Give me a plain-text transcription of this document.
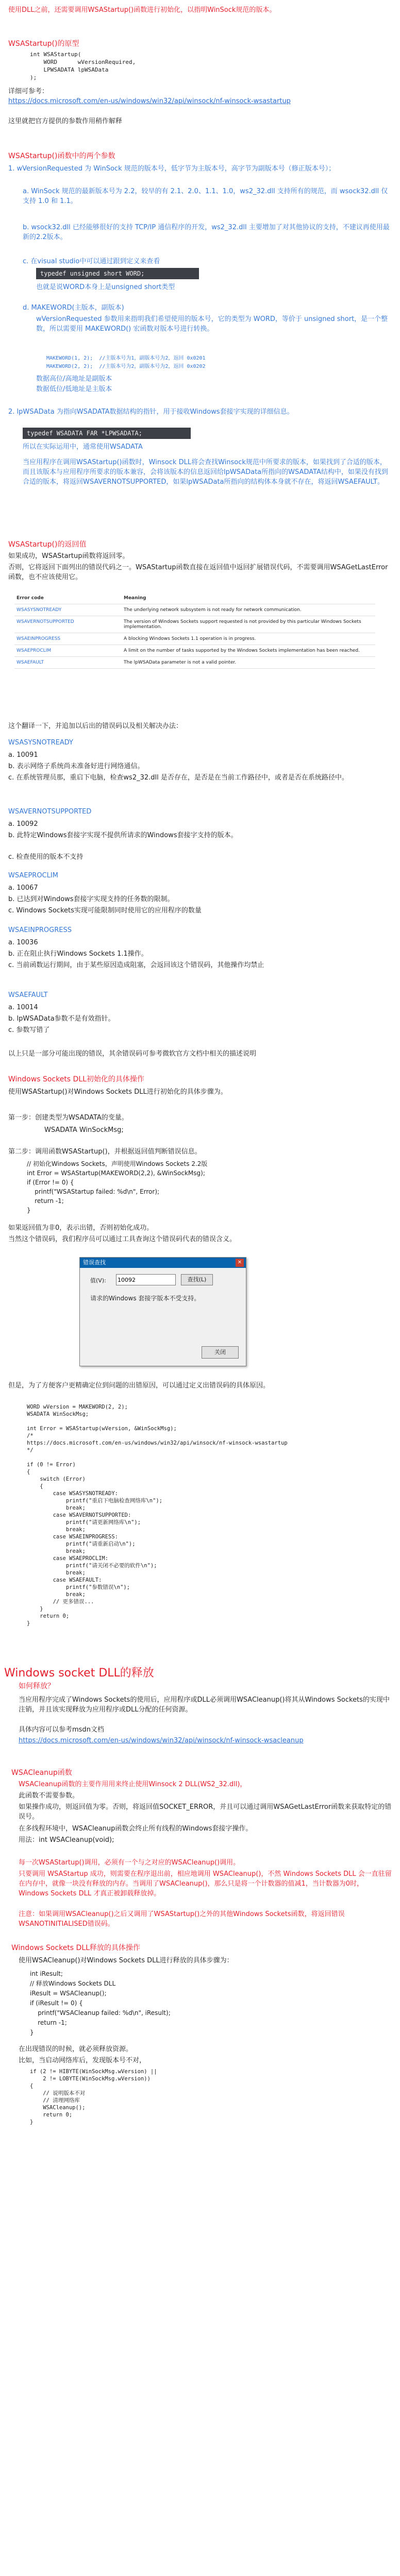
使用DLL之前，还需要调用WSAStartup()函数进行初始化，以指明WinSock规范的版本。
WSAStartup()的原型
int WSAStartup(
WORD      wVersionRequired,
LPWSADATA lpWSAData
);
详细可参考：
https://docs.microsoft.com/en-us/windows/win32/api/winsock/nf-winsock-wsastartup
这里就把官方提供的参数作用稍作解释
WSAStartup()函数中的两个参数
1. wVersionRequested 为 WinSock 规范的版本号，低字节为主版本号，高字节为副版本号（修正版本号）；
a. WinSock 规范的最新版本号为 2.2，较早的有 2.1、2.0、1.1、1.0，ws2_32.dll 支持所有的规范，而 wsock32.dll 仅支持 1.0 和 1.1。
b. wsock32.dll 已经能够很好的支持 TCP/IP 通信程序的开发，ws2_32.dll 主要增加了对其他协议的支持，不建议再使用最新的2.2版本。
c. 在visual studio中可以通过跟到定义来查看
typedef unsigned short WORD;
也就是说WORD本身上是unsigned short类型
d. MAKEWORD(主版本，副版本)
wVersionRequested 参数用来指明我们希望使用的版本号，它的类型为 WORD，等价于 unsigned short，是一个整数，所以需要用 MAKEWORD() 宏函数对版本号进行转换。
MAKEWORD(1, 2);  //主版本号为1，副版本号为2，返回 0x0201
MAKEWORD(2, 2);  //主版本号为2，副版本号为2，返回 0x0202
数据高位/高地址是副版本
数据低位/低地址是主版本
2. lpWSAData 为指向WSADATA数据结构的指针，用于接收Windows套接字实现的详细信息。
typedef WSADATA FAR *LPWSADATA;
所以在实际运用中，通常使用WSADATA
当应用程序在调用WSAStartup()函数时，Winsock DLL将会查找Winsock规范中所要求的版本，如果找到了合适的版本，而且该版本与应用程序所要求的版本兼容，会将该版本的信息返回给lpWSAData所指向的WSADATA结构中，如果没有找到合适的版本，将返回WSAVERNOTSUPPORTED，如果lpWSAData所指向的结构体本身就不存在，将返回WSAEFAULT。
WSAStartup()的返回值
如果成功，WSAStartup函数将返回零。
否则，它将返回下面列出的错误代码之一。WSAStartup函数直接在返回值中返回扩展错误代码，不需要调用WSAGetLastError函数，也不应该使用它。
Error code	Meaning
WSASYSNOTREADY	The underlying network subsystem is not ready for network communication.
WSAVERNOTSUPPORTED	The version of Windows Sockets support requested is not provided by this particular Windows Sockets implementation.
WSAEINPROGRESS	A blocking Windows Sockets 1.1 operation is in progress.
WSAEPROCLIM	A limit on the number of tasks supported by the Windows Sockets implementation has been reached.
WSAEFAULT	The lpWSAData parameter is not a valid pointer.
这个翻译一下，并追加以后出的错误码以及相关解决办法：
WSASYSNOTREADY
a. 10091
b. 表示网络子系统尚未准备好进行网络通信。
c. 在系统管理员那，重启下电脑，检查ws2_32.dll 是否存在，是否是在当前工作路径中，或者是否在系统路径中。
WSAVERNOTSUPPORTED
a. 10092
b. 此特定Windows套接字实现不提供所请求的Windows套接字支持的版本。
c. 检查使用的版本不支持
WSAEPROCLIM
a. 10067
b. 已达到对Windows套接字实现支持的任务数的限制。
c. Windows Sockets实现可能限制同时使用它的应用程序的数量
WSAEINPROGRESS
a. 10036
b. 正在阻止执行Windows Sockets 1.1操作。
c. 当前函数运行期间，由于某些原因造成阻塞，会返回该这个错误码，其他操作均禁止
WSAEFAULT
a. 10014
b. lpWSAData参数不是有效指针。
c. 参数写错了
以上只是一部分可能出现的错误，其余错误码可参考微软官方文档中相关的描述说明
Windows Sockets DLL初始化的具体操作
使用WSAStartup()对Windows Sockets DLL进行初始化的具体步骤为。
第一步：创建类型为WSADATA的变量。
WSADATA WinSockMsg;
第二步：调用函数WSAStartup()，并根据返回值判断错误信息。
// 初始化Windows Sockets，声明使用Windows Sockets 2.2版
int Error = WSAStartup(MAKEWORD(2,2), &WinSockMsg);
if (Error != 0) {
printf("WSAStartup failed: %d\n", Error);
return -1;
}
如果返回值为非0，表示出错，否则初始化成功。
当然这个错误码，我们程序员可以通过工具查询这个错误码代表的错误含义。
错误查找	✕
值(V):
10092	查找(L)
请求的Windows 套接字版本不受支持。
关闭
但是，为了方便客户更精确定位到问题的出错原因，可以通过定义出错误码的具体原因。
WORD wVersion = MAKEWORD(2, 2);
WSADATA WinSockMsg;

int Error = WSAStartup(wVersion, &WinSockMsg);
/*
https://docs.microsoft.com/en-us/windows/win32/api/winsock/nf-winsock-wsastartup
*/

if (0 != Error)
{
switch (Error)
{
case WSASYSNOTREADY:
printf("重启下电脑检查网络库\n");
break;
case WSAVERNOTSUPPORTED:
printf("请更新网络库\n");
break;
case WSAEINPROGRESS:
printf("请重新启动\n");
break;
case WSAEPROCLIM:
printf("请关闭不必要的软件\n");
break;
case WSAEFAULT:
printf("参数错误\n");
break;
// 更多错误...
}
return 0;
}
Windows socket DLL的释放
如何释放？
当应用程序完成了Windows Sockets的使用后，应用程序或DLL必须调用WSACleanup()将其从Windows Sockets的实现中注销，并且该实现释放为应用程序或DLL分配的任何资源。
具体内容可以参考msdn文档
https://docs.microsoft.com/en-us/windows/win32/api/winsock/nf-winsock-wsacleanup
WSACleanup函数
WSACleanup函数的主要作用用来终止使用Winsock 2 DLL(WS2_32.dll)，
此函数不需要参数。
如果操作成功，则返回值为零。否则，将返回值SOCKET_ERROR，并且可以通过调用WSAGetLastError函数来获取特定的错误号。
在多线程环境中，WSACleanup函数会终止所有线程的Windows套接字操作。
用法：int WSACleanup(void);
每一次WSAStartup()调用，必须有一个与之对应的WSACleanup()调用。
只要调用 WSAStartup 成功，则需要在程序退出前，相应地调用 WSACleanup()，不然 Windows Sockets DLL 会一直驻留在内存中，就像一块没有释放的内存。当调用了WSACleanup()，那么只是将一个计数器的值减1，当计数器为0时，Windows Sockets DLL 才真正被卸载释放掉。
注意：如果调用WSACleanup()之后又调用了WSAStartup()之外的其他Windows Sockets函数，将返回错误WSANOTINITIALISED错误码。
Windows Sockets DLL释放的具体操作
使用WSACleanup()对Windows Sockets DLL进行释放的具体步骤为：
int iResult;
// 释放Windows Sockets DLL
iResult = WSACleanup();
if (iResult != 0) {
printf("WSACleanup failed: %d\n", iResult);
return -1;
}
在出现错误的时候，就必须释放资源。
比如，当启动网络库后，发现版本号不对，
if (2 != HIBYTE(WinSockMsg.wVersion) ||
2 != LOBYTE(WinSockMsg.wVersion))
{
// 说明版本不对
// 清理网络库
WSACleanup();
return 0;
}
